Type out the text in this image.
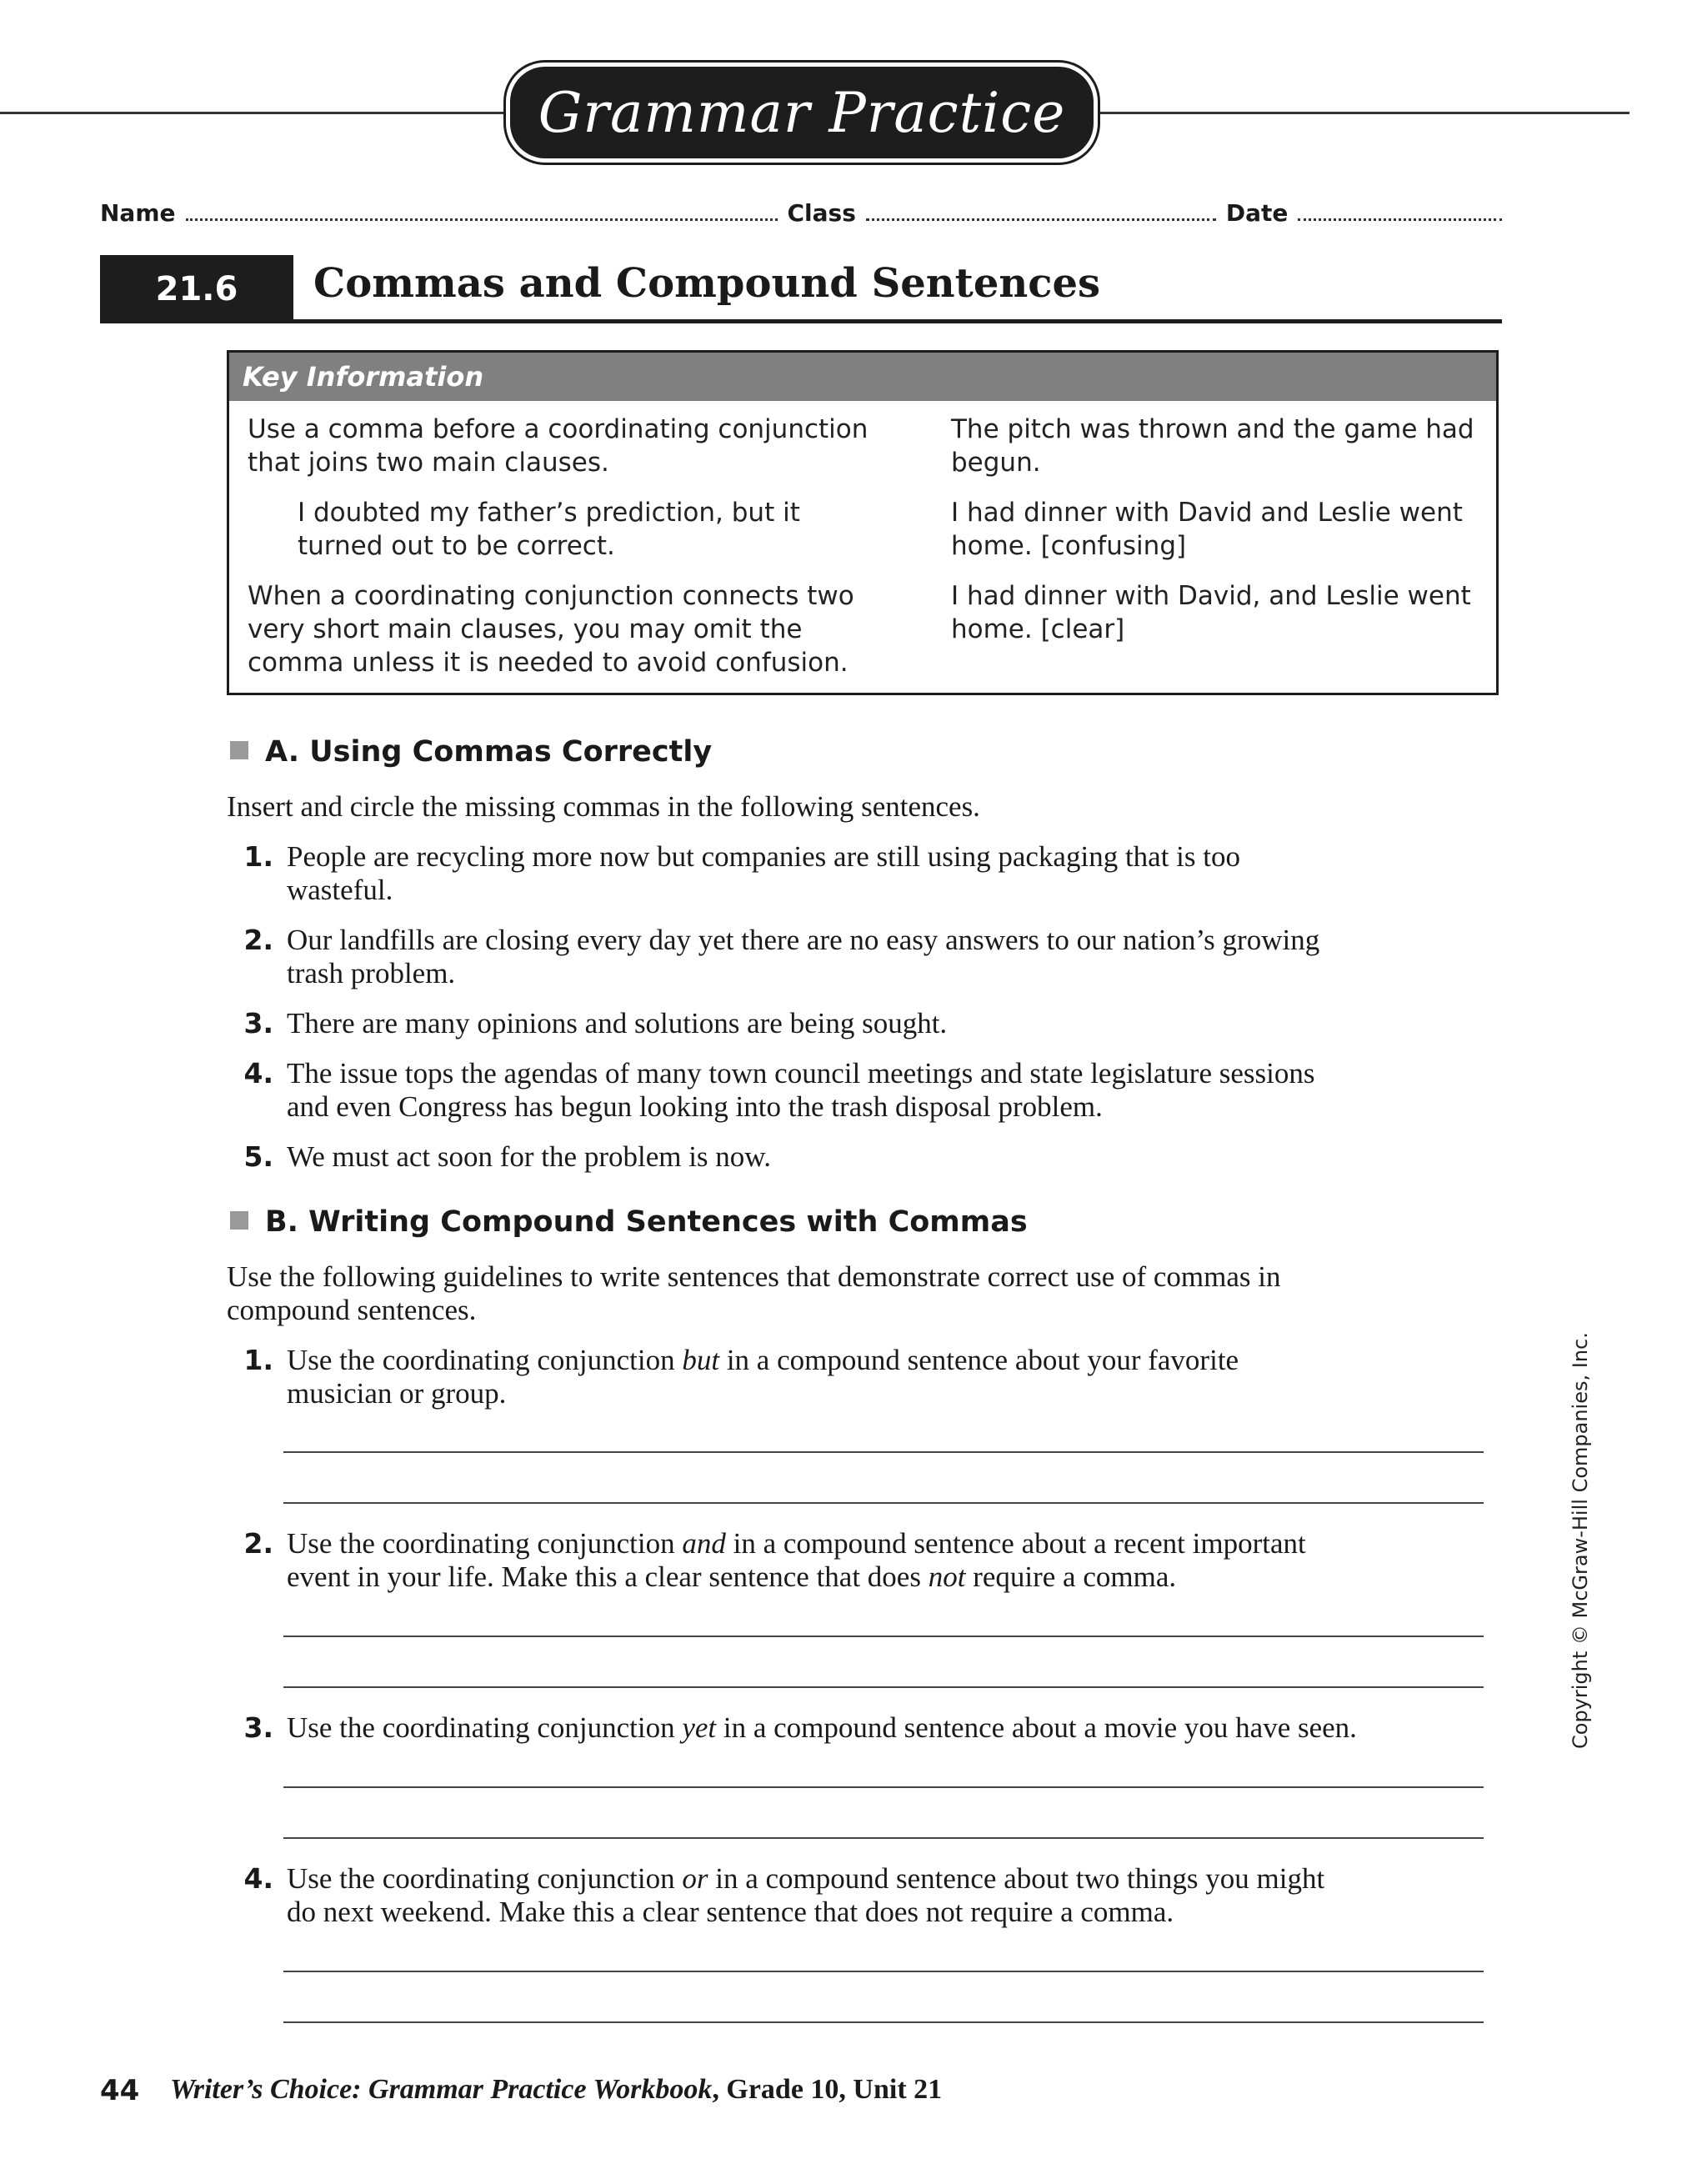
Grammar Practice
Name	Class	Date
21.6	Commas and Compound Sentences
Key Information
Use a comma before a coordinating conjunction
that joins two main clauses.
I doubted my father’s prediction, but it
turned out to be correct.
When a coordinating conjunction connects two
very short main clauses, you may omit the
comma unless it is needed to avoid confusion.
The pitch was thrown and the game had
begun.
I had dinner with David and Leslie went
home. [confusing]
I had dinner with David, and Leslie went
home. [clear]
A. Using Commas Correctly
Insert and circle the missing commas in the following sentences.
1. People are recycling more now but companies are still using packaging that is too
wasteful.
2. Our landfills are closing every day yet there are no easy answers to our nation’s growing
trash problem.
3. There are many opinions and solutions are being sought.
4. The issue tops the agendas of many town council meetings and state legislature sessions
and even Congress has begun looking into the trash disposal problem.
5. We must act soon for the problem is now.
B. Writing Compound Sentences with Commas
Use the following guidelines to write sentences that demonstrate correct use of commas in
compound sentences.
1. Use the coordinating conjunction but in a compound sentence about your favorite
musician or group.
2. Use the coordinating conjunction and in a compound sentence about a recent important
event in your life. Make this a clear sentence that does not require a comma.
3. Use the coordinating conjunction yet in a compound sentence about a movie you have seen.
4. Use the coordinating conjunction or in a compound sentence about two things you might
do next weekend. Make this a clear sentence that does not require a comma.
Copyright © McGraw-Hill Companies, Inc.
44 Writer’s Choice: Grammar Practice Workbook, Grade 10, Unit 21
